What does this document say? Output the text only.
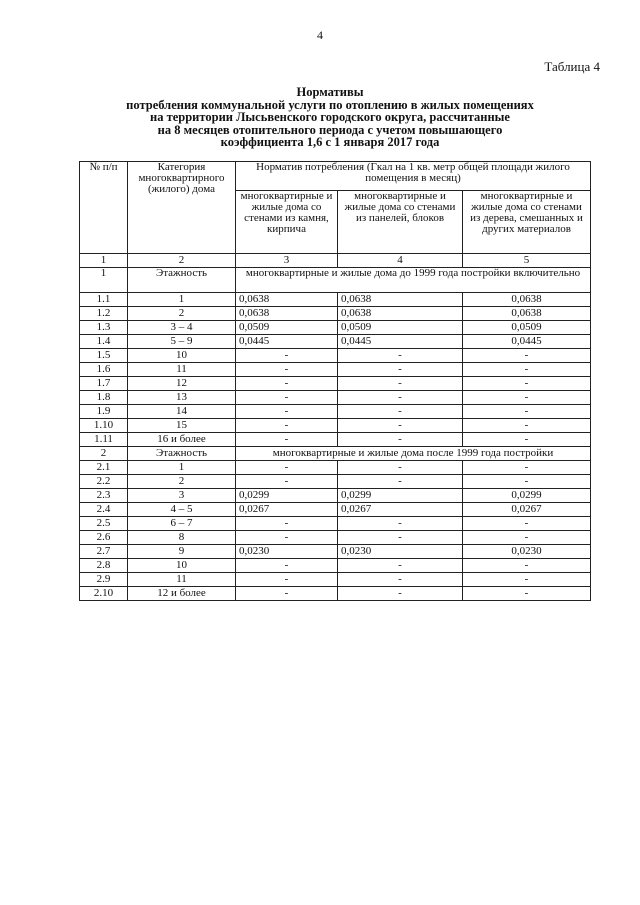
4
Таблица 4
Нормативы
потребления коммунальной услуги по отоплению в жилых помещениях
на территории Лысьвенского городского округа, рассчитанные
на 8 месяцев отопительного периода с учетом повышающего
коэффициента 1,6 с 1 января 2017 года
№ п/п	Категория многоквартирного (жилого) дома	Норматив потребления (Гкал на 1 кв. метр общей площади жилого помещения в месяц)		
		многоквартирные и жилые дома со стенами из камня, кирпича	многоквартирные и жилые дома со стенами из панелей, блоков	многоквартирные и жилые дома со стенами из дерева, смешанных и других материалов
1	2	3	4	5
1	Этажность	многоквартирные и жилые дома до 1999 года постройки включительно		
1.1	1	0,0638	0,0638	0,0638
1.2	2	0,0638	0,0638	0,0638
1.3	3 – 4	0,0509	0,0509	0,0509
1.4	5 – 9	0,0445	0,0445	0,0445
1.5	10	-	-	-
1.6	11	-	-	-
1.7	12	-	-	-
1.8	13	-	-	-
1.9	14	-	-	-
1.10	15	-	-	-
1.11	16 и более	-	-	-
2	Этажность	многоквартирные и жилые дома после 1999 года постройки		
2.1	1	-	-	-
2.2	2	-	-	-
2.3	3	0,0299	0,0299	0,0299
2.4	4 – 5	0,0267	0,0267	0,0267
2.5	6 – 7	-	-	-
2.6	8	-	-	-
2.7	9	0,0230	0,0230	0,0230
2.8	10	-	-	-
2.9	11	-	-	-
2.10	12 и более	-	-	-
